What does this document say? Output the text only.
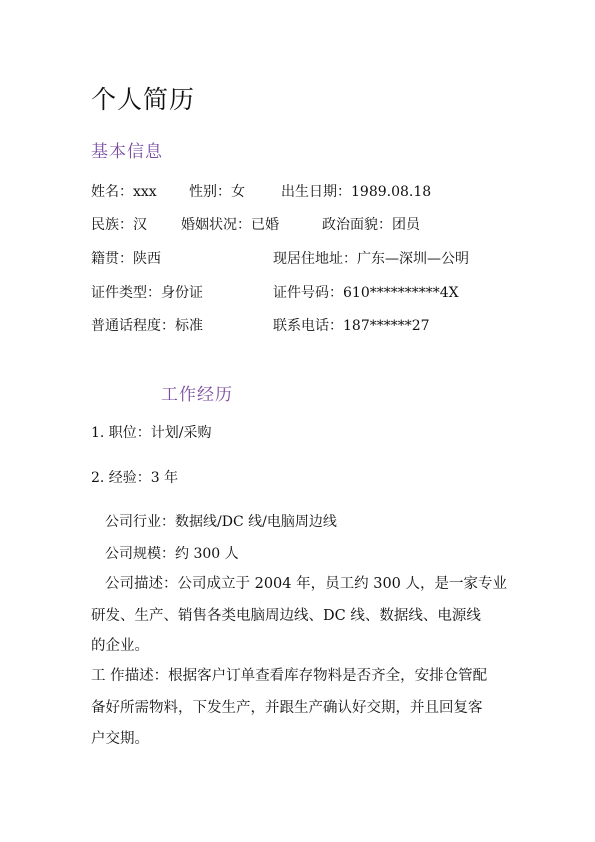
个人简历
基本信息
姓名：xxx 性别：女	出生日期：1989.08.18
民族：汉 婚姻状况：已婚	政治面貌：团员
籍贯：陕西	现居住地址：广东—深圳—公明
证件类型：身份证	证件号码：610**********4X
普通话程度：标准	联系电话：187******27
工作经历
1. 职位：计划/采购
2. 经验：3 年
公司行业：数据线/DC 线/电脑周边线
公司规模：约 300 人
公司描述：公司成立于 2004 年，员工约 300 人，是一家专业
研发、生产、销售各类电脑周边线、DC 线、数据线、电源线
的企业。
工 作描述：根据客户订单查看库存物料是否齐全，安排仓管配
备好所需物料，下发生产，并跟生产确认好交期，并且回复客
户交期。
